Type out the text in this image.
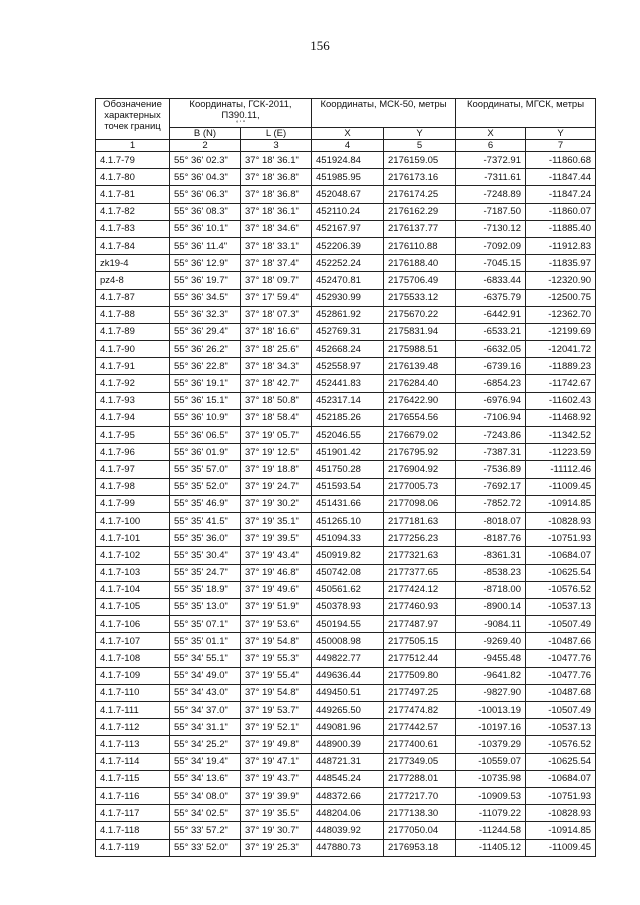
156
Обозначение характерных точек границ	Координаты, ГСК-2011, ПЗ90.11,
° ' "		Координаты, МСК-50, метры		Координаты, МГСК, метры	
	B (N)	L (E)	X	Y	X	Y
1	2	3	4	5	6	7
4.1.7-79	55° 36' 02.3"	37° 18' 36.1"	451924.84	2176159.05	-7372.91	-11860.68
4.1.7-80	55° 36' 04.3"	37° 18' 36.8"	451985.95	2176173.16	-7311.61	-11847.44
4.1.7-81	55° 36' 06.3"	37° 18' 36.8"	452048.67	2176174.25	-7248.89	-11847.24
4.1.7-82	55° 36' 08.3"	37° 18' 36.1"	452110.24	2176162.29	-7187.50	-11860.07
4.1.7-83	55° 36' 10.1"	37° 18' 34.6"	452167.97	2176137.77	-7130.12	-11885.40
4.1.7-84	55° 36' 11.4"	37° 18' 33.1"	452206.39	2176110.88	-7092.09	-11912.83
zk19-4	55° 36' 12.9"	37° 18' 37.4"	452252.24	2176188.40	-7045.15	-11835.97
pz4-8	55° 36' 19.7"	37° 18' 09.7"	452470.81	2175706.49	-6833.44	-12320.90
4.1.7-87	55° 36' 34.5"	37° 17' 59.4"	452930.99	2175533.12	-6375.79	-12500.75
4.1.7-88	55° 36' 32.3"	37° 18' 07.3"	452861.92	2175670.22	-6442.91	-12362.70
4.1.7-89	55° 36' 29.4"	37° 18' 16.6"	452769.31	2175831.94	-6533.21	-12199.69
4.1.7-90	55° 36' 26.2"	37° 18' 25.6"	452668.24	2175988.51	-6632.05	-12041.72
4.1.7-91	55° 36' 22.8"	37° 18' 34.3"	452558.97	2176139.48	-6739.16	-11889.23
4.1.7-92	55° 36' 19.1"	37° 18' 42.7"	452441.83	2176284.40	-6854.23	-11742.67
4.1.7-93	55° 36' 15.1"	37° 18' 50.8"	452317.14	2176422.90	-6976.94	-11602.43
4.1.7-94	55° 36' 10.9"	37° 18' 58.4"	452185.26	2176554.56	-7106.94	-11468.92
4.1.7-95	55° 36' 06.5"	37° 19' 05.7"	452046.55	2176679.02	-7243.86	-11342.52
4.1.7-96	55° 36' 01.9"	37° 19' 12.5"	451901.42	2176795.92	-7387.31	-11223.59
4.1.7-97	55° 35' 57.0"	37° 19' 18.8"	451750.28	2176904.92	-7536.89	-11112.46
4.1.7-98	55° 35' 52.0"	37° 19' 24.7"	451593.54	2177005.73	-7692.17	-11009.45
4.1.7-99	55° 35' 46.9"	37° 19' 30.2"	451431.66	2177098.06	-7852.72	-10914.85
4.1.7-100	55° 35' 41.5"	37° 19' 35.1"	451265.10	2177181.63	-8018.07	-10828.93
4.1.7-101	55° 35' 36.0"	37° 19' 39.5"	451094.33	2177256.23	-8187.76	-10751.93
4.1.7-102	55° 35' 30.4"	37° 19' 43.4"	450919.82	2177321.63	-8361.31	-10684.07
4.1.7-103	55° 35' 24.7"	37° 19' 46.8"	450742.08	2177377.65	-8538.23	-10625.54
4.1.7-104	55° 35' 18.9"	37° 19' 49.6"	450561.62	2177424.12	-8718.00	-10576.52
4.1.7-105	55° 35' 13.0"	37° 19' 51.9"	450378.93	2177460.93	-8900.14	-10537.13
4.1.7-106	55° 35' 07.1"	37° 19' 53.6"	450194.55	2177487.97	-9084.11	-10507.49
4.1.7-107	55° 35' 01.1"	37° 19' 54.8"	450008.98	2177505.15	-9269.40	-10487.66
4.1.7-108	55° 34' 55.1"	37° 19' 55.3"	449822.77	2177512.44	-9455.48	-10477.76
4.1.7-109	55° 34' 49.0"	37° 19' 55.4"	449636.44	2177509.80	-9641.82	-10477.76
4.1.7-110	55° 34' 43.0"	37° 19' 54.8"	449450.51	2177497.25	-9827.90	-10487.68
4.1.7-111	55° 34' 37.0"	37° 19' 53.7"	449265.50	2177474.82	-10013.19	-10507.49
4.1.7-112	55° 34' 31.1"	37° 19' 52.1"	449081.96	2177442.57	-10197.16	-10537.13
4.1.7-113	55° 34' 25.2"	37° 19' 49.8"	448900.39	2177400.61	-10379.29	-10576.52
4.1.7-114	55° 34' 19.4"	37° 19' 47.1"	448721.31	2177349.05	-10559.07	-10625.54
4.1.7-115	55° 34' 13.6"	37° 19' 43.7"	448545.24	2177288.01	-10735.98	-10684.07
4.1.7-116	55° 34' 08.0"	37° 19' 39.9"	448372.66	2177217.70	-10909.53	-10751.93
4.1.7-117	55° 34' 02.5"	37° 19' 35.5"	448204.06	2177138.30	-11079.22	-10828.93
4.1.7-118	55° 33' 57.2"	37° 19' 30.7"	448039.92	2177050.04	-11244.58	-10914.85
4.1.7-119	55° 33' 52.0"	37° 19' 25.3"	447880.73	2176953.18	-11405.12	-11009.45
